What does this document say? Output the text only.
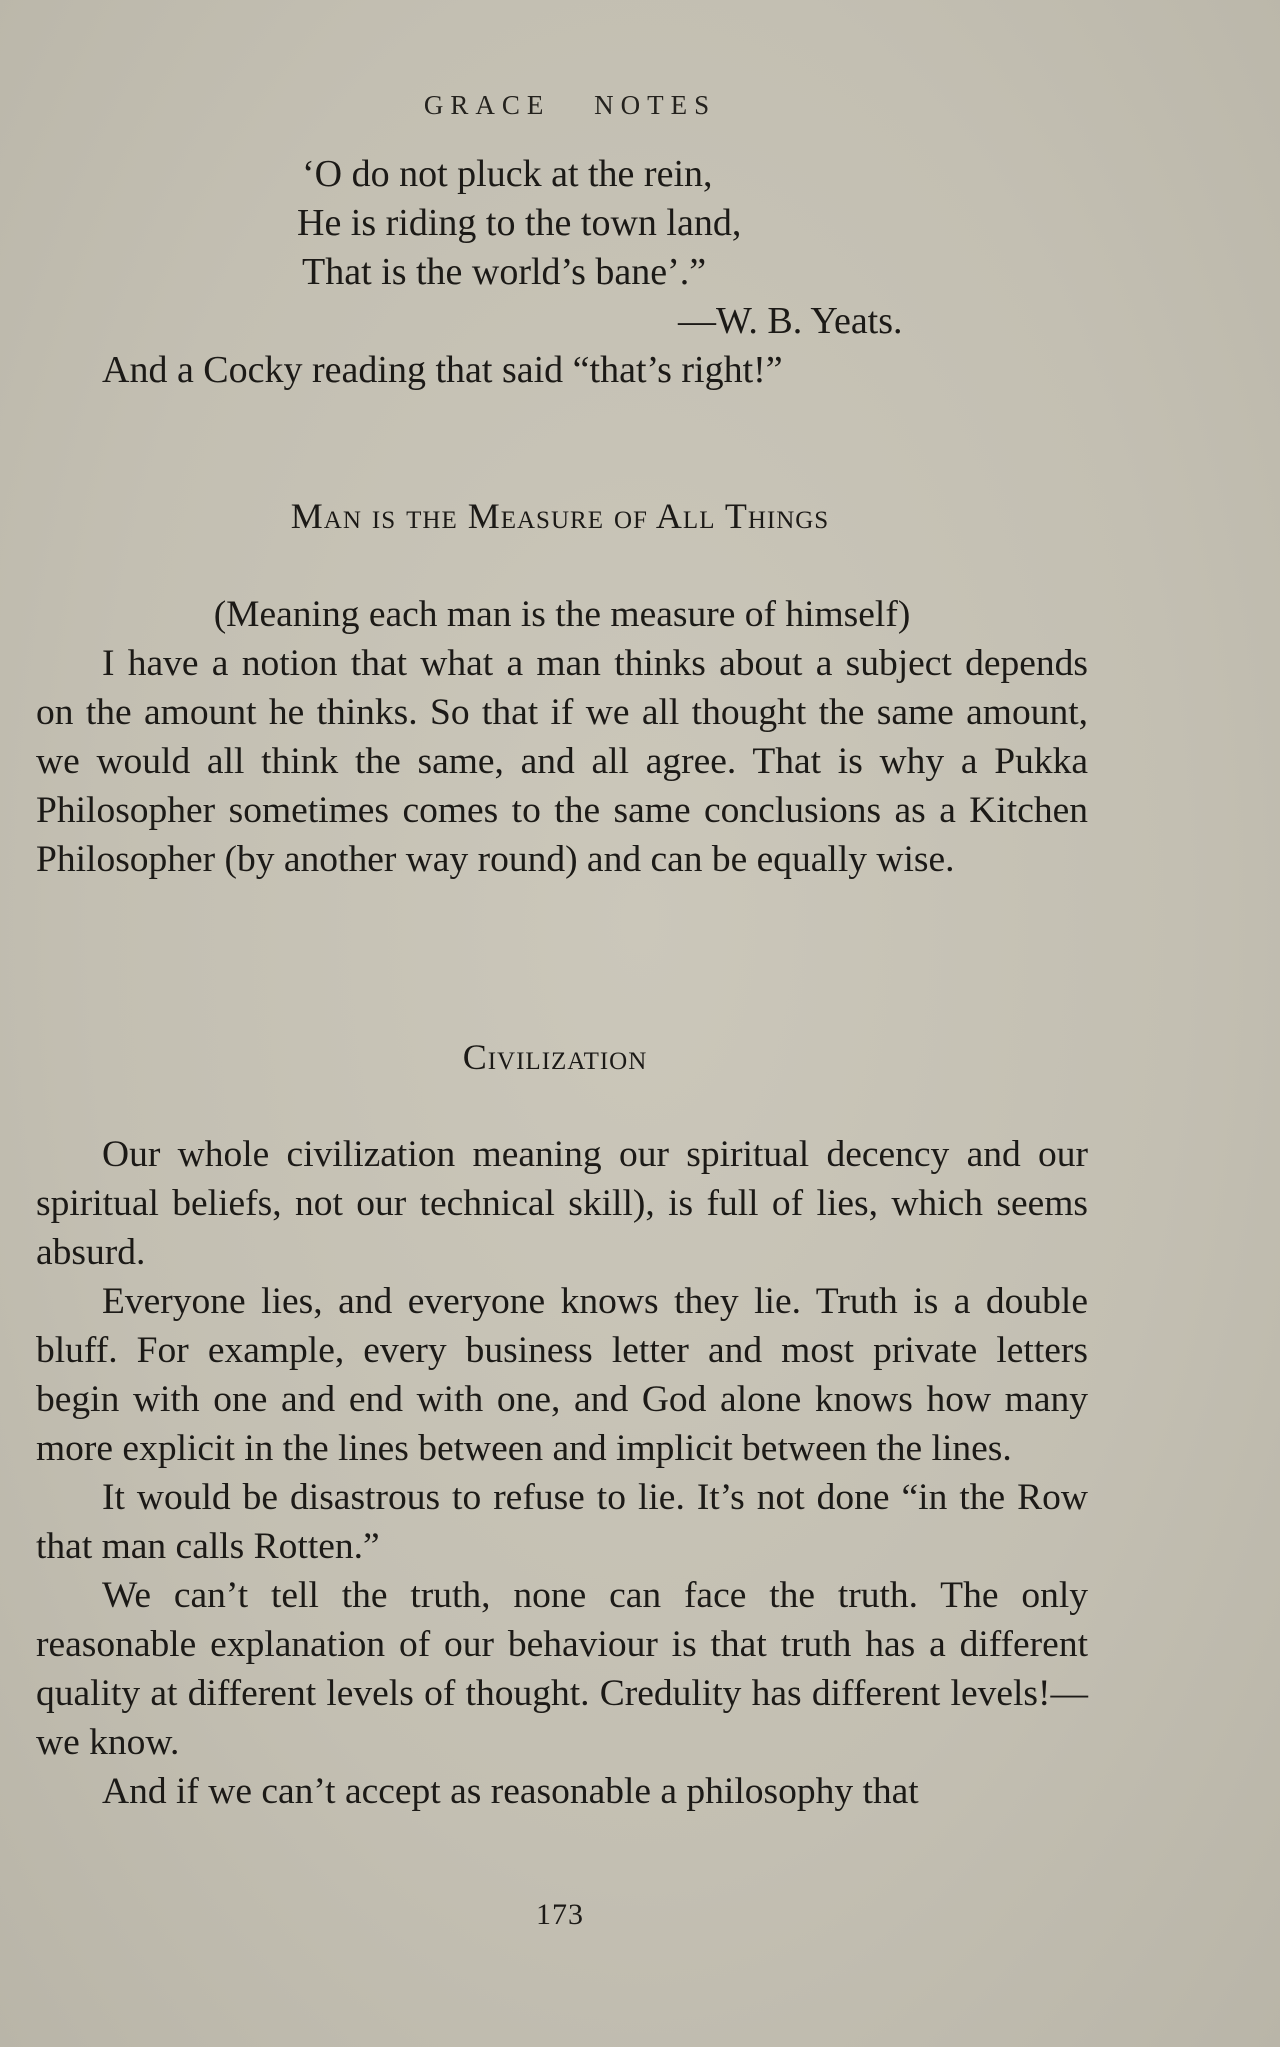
GRACE NOTES
‘O do not pluck at the rein,
He is riding to the town land,
That is the world’s bane’.”
—W. B. Yeats.
And a Cocky reading that said “that’s right!”
Man is the Measure of All Things

(Meaning each man is the measure of himself)

I have a notion that what a man thinks about a subject depends on the amount he thinks. So that if we all thought the same amount, we would all think the same, and all agree. That is why a Pukka Philosopher sometimes comes to the same conclusions as a Kitchen Philosopher (by another way round) and can be equally wise.

Civilization

Our whole civilization meaning our spiritual decency and our spiritual beliefs, not our technical skill), is full of lies, which seems absurd.

Everyone lies, and everyone knows they lie. Truth is a double bluff. For example, every business letter and most private letters begin with one and end with one, and God alone knows how many more explicit in the lines between and implicit between the lines.

It would be disastrous to refuse to lie. It’s not done “in the Row that man calls Rotten.”

We can’t tell the truth, none can face the truth. The only reasonable explanation of our behaviour is that truth has a different quality at different levels of thought. Credulity has different levels!—we know.

And if we can’t accept as reasonable a philosophy that

173
